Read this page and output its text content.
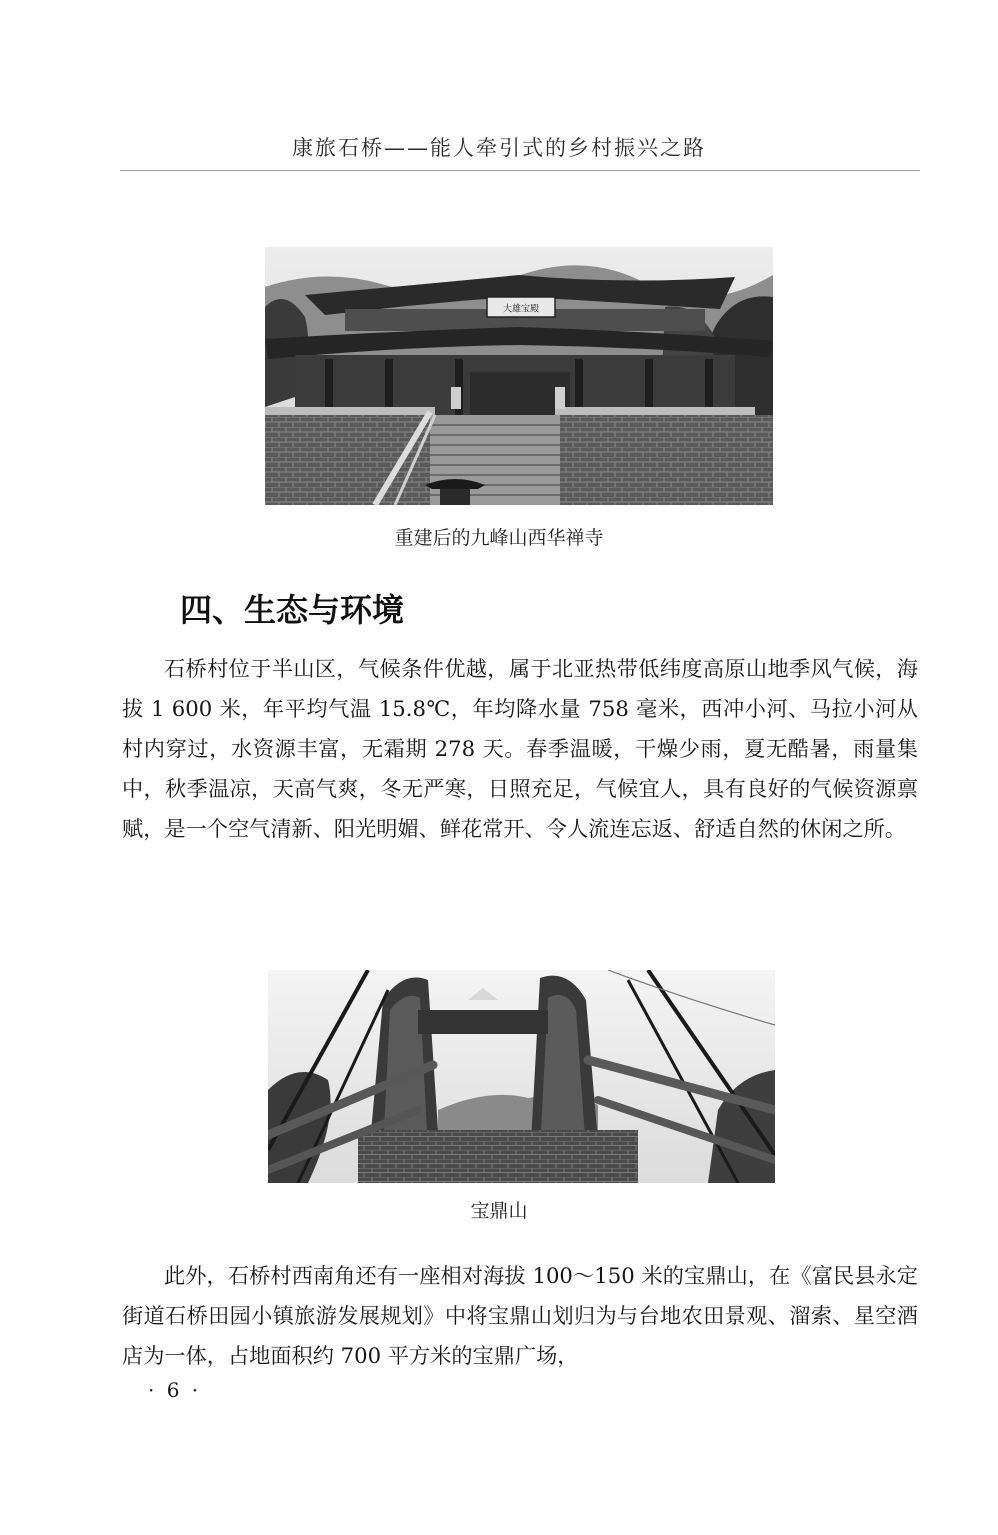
康旅石桥——能人牵引式的乡村振兴之路
大雄宝殿
重建后的九峰山西华禅寺
四、生态与环境
石桥村位于半山区，气候条件优越，属于北亚热带低纬度高原山地季风气候，海拔 1 600 米，年平均气温 15.8℃，年均降水量 758 毫米，西冲小河、马拉小河从村内穿过，水资源丰富，无霜期 278 天。春季温暖，干燥少雨，夏无酷暑，雨量集中，秋季温凉，天高气爽，冬无严寒，日照充足，气候宜人，具有良好的气候资源禀赋，是一个空气清新、阳光明媚、鲜花常开、令人流连忘返、舒适自然的休闲之所。
宝鼎山
此外，石桥村西南角还有一座相对海拔 100～150 米的宝鼎山，在《富民县永定街道石桥田园小镇旅游发展规划》中将宝鼎山划归为与台地农田景观、溜索、星空酒店为一体，占地面积约 700 平方米的宝鼎广场，
· 6 ·
